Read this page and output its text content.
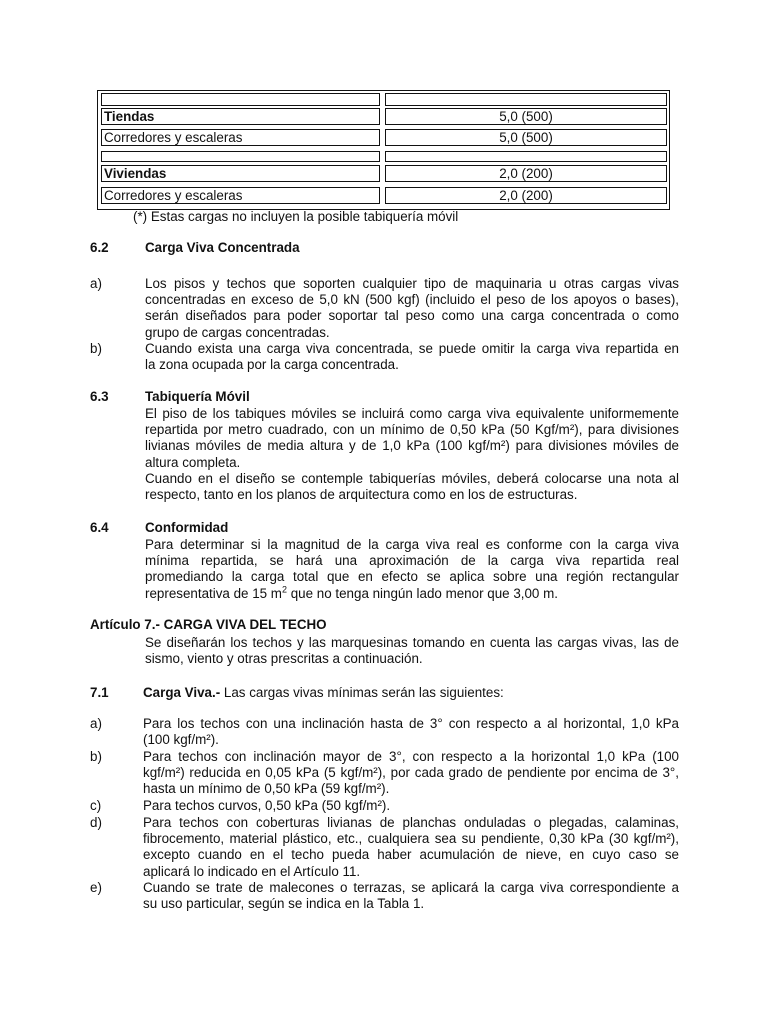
Tiendas	5,0 (500)
Corredores y escaleras	5,0 (500)
Viviendas	2,0 (200)
Corredores y escaleras	2,0 (200)
(*) Estas cargas no incluyen la posible tabiquería móvil
6.2	Carga Viva Concentrada
a)	Los pisos y techos que soporten cualquier tipo de maquinaria u otras cargas vivas
concentradas en exceso de 5,0 kN (500 kgf) (incluido el peso de los apoyos o bases),
serán diseñados para poder soportar tal peso como una carga concentrada o como
grupo de cargas concentradas.
b)	Cuando exista una carga viva concentrada, se puede omitir la carga viva repartida en
la zona ocupada por la carga concentrada.
6.3	Tabiquería Móvil
El piso de los tabiques móviles se incluirá como carga viva equivalente uniformemente
repartida por metro cuadrado, con un mínimo de 0,50 kPa (50 Kgf/m²), para divisiones
livianas móviles de media altura y de 1,0 kPa (100 kgf/m²) para divisiones móviles de
altura completa.
Cuando en el diseño se contemple tabiquerías móviles, deberá colocarse una nota al
respecto, tanto en los planos de arquitectura como en los de estructuras.
6.4	Conformidad
Para determinar si la magnitud de la carga viva real es conforme con la carga viva
mínima repartida, se hará una aproximación de la carga viva repartida real
promediando la carga total que en efecto se aplica sobre una región rectangular
representativa de 15 $m^2$ que no tenga ningún lado menor que 3,00 m.
Artículo 7.- CARGA VIVA DEL TECHO
Se diseñarán los techos y las marquesinas tomando en cuenta las cargas vivas, las de
sismo, viento y otras prescritas a continuación.
7.1	Carga Viva.- Las cargas vivas mínimas serán las siguientes:
a)	Para los techos con una inclinación hasta de 3° con respecto a al horizontal, 1,0 kPa
(100 kgf/m²).
b)	Para techos con inclinación mayor de 3°, con respecto a la horizontal 1,0 kPa (100
kgf/m²) reducida en 0,05 kPa (5 kgf/m²), por cada grado de pendiente por encima de 3°,
hasta un mínimo de 0,50 kPa (59 kgf/m²).
c)	Para techos curvos, 0,50 kPa (50 kgf/m²).
d)	Para techos con coberturas livianas de planchas onduladas o plegadas, calaminas,
fibrocemento, material plástico, etc., cualquiera sea su pendiente, 0,30 kPa (30 kgf/m²),
excepto cuando en el techo pueda haber acumulación de nieve, en cuyo caso se
aplicará lo indicado en el Artículo 11.
e)	Cuando se trate de malecones o terrazas, se aplicará la carga viva correspondiente a
su uso particular, según se indica en la Tabla 1.
